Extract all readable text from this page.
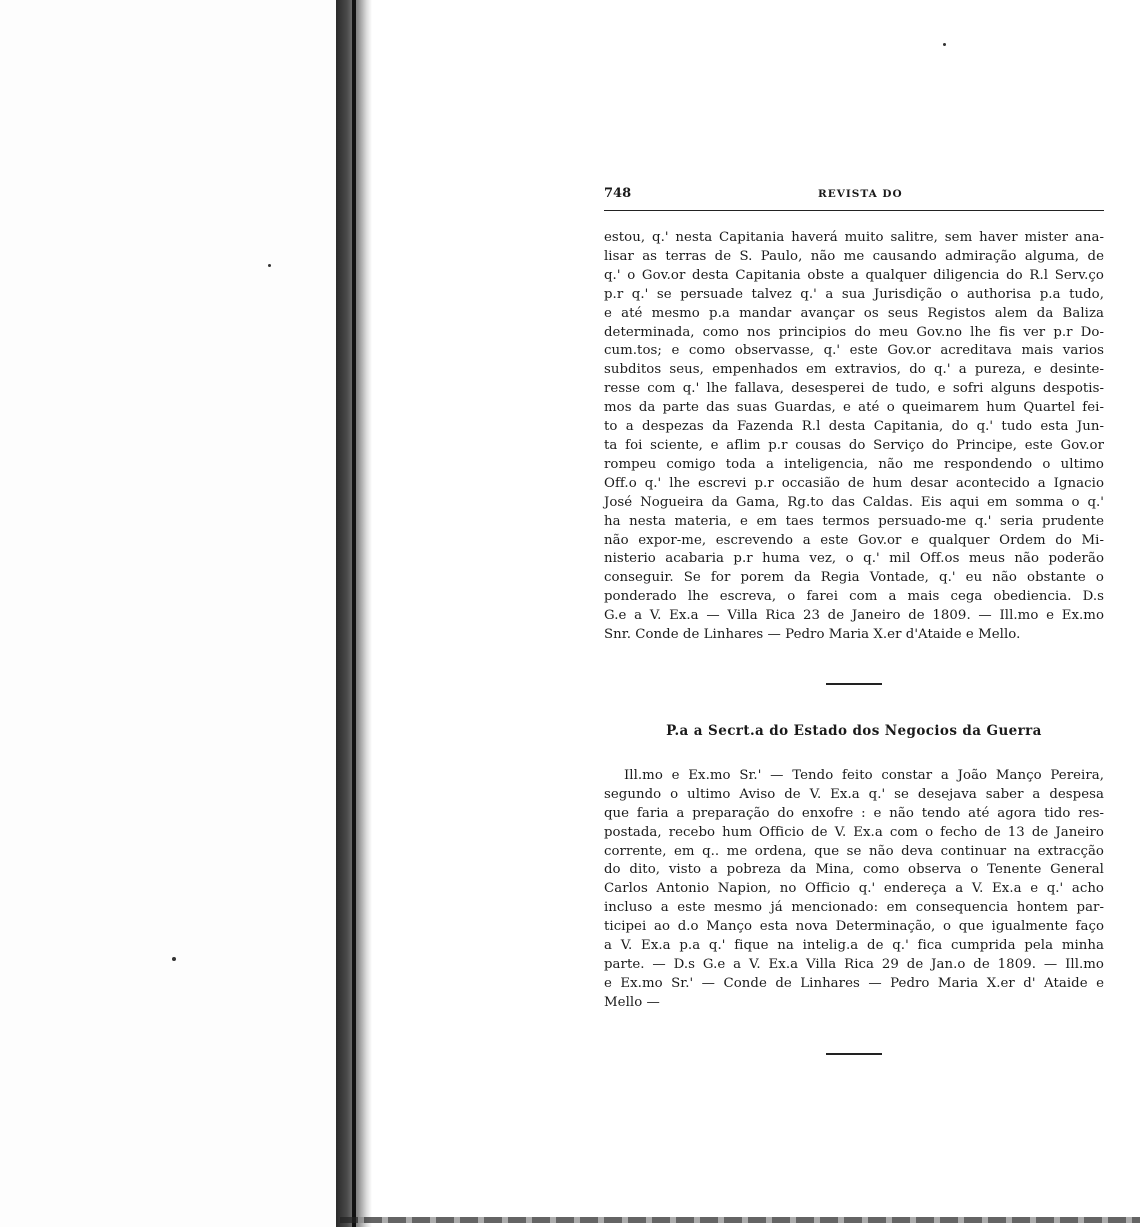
748	REVISTA DO

estou, q.' nesta Capitania haverá muito salitre, sem haver mister ana-
lisar as terras de S. Paulo, não me causando admiração alguma, de
q.' o Gov.or desta Capitania obste a qualquer diligencia do R.l Serv.ço
p.r q.' se persuade talvez q.' a sua Jurisdição o authorisa p.a tudo,
e até mesmo p.a mandar avançar os seus Registos alem da Baliza
determinada, como nos principios do meu Gov.no lhe fis ver p.r Do-
cum.tos; e como observasse, q.' este Gov.or acreditava mais varios
subditos seus, empenhados em extravios, do q.' a pureza, e desinte-
resse com q.' lhe fallava, desesperei de tudo, e sofri alguns despotis-
mos da parte das suas Guardas, e até o queimarem hum Quartel fei-
to a despezas da Fazenda R.l desta Capitania, do q.' tudo esta Jun-
ta foi sciente, e aflim p.r cousas do Serviço do Principe, este Gov.or
rompeu comigo toda a inteligencia, não me respondendo o ultimo
Off.o q.' lhe escrevi p.r occasião de hum desar acontecido a Ignacio
José Nogueira da Gama, Rg.to das Caldas. Eis aqui em somma o q.'
ha nesta materia, e em taes termos persuado-me q.' seria prudente
não expor-me, escrevendo a este Gov.or e qualquer Ordem do Mi-
nisterio acabaria p.r huma vez, o q.' mil Off.os meus não poderão
conseguir. Se for porem da Regia Vontade, q.' eu não obstante o
ponderado lhe escreva, o farei com a mais cega obediencia. D.s
G.e a V. Ex.a — Villa Rica 23 de Janeiro de 1809. — Ill.mo e Ex.mo
Snr. Conde de Linhares — Pedro Maria X.er d'Ataide e Mello.

P.a a Secrt.a do Estado dos Negocios da Guerra

Ill.mo e Ex.mo Sr.' — Tendo feito constar a João Manço Pereira,
segundo o ultimo Aviso de V. Ex.a q.' se desejava saber a despesa
que faria a preparação do enxofre : e não tendo até agora tido res-
postada, recebo hum Officio de V. Ex.a com o fecho de 13 de Janeiro
corrente, em q.. me ordena, que se não deva continuar na extracção
do dito, visto a pobreza da Mina, como observa o Tenente General
Carlos Antonio Napion, no Officio q.' endereça a V. Ex.a e q.' acho
incluso a este mesmo já mencionado: em consequencia hontem par-
ticipei ao d.o Manço esta nova Determinação, o que igualmente faço
a V. Ex.a p.a q.' fique na intelig.a de q.' fica cumprida pela minha
parte. — D.s G.e a V. Ex.a Villa Rica 29 de Jan.o de 1809. — Ill.mo
e Ex.mo Sr.' — Conde de Linhares — Pedro Maria X.er d' Ataide e
Mello —
